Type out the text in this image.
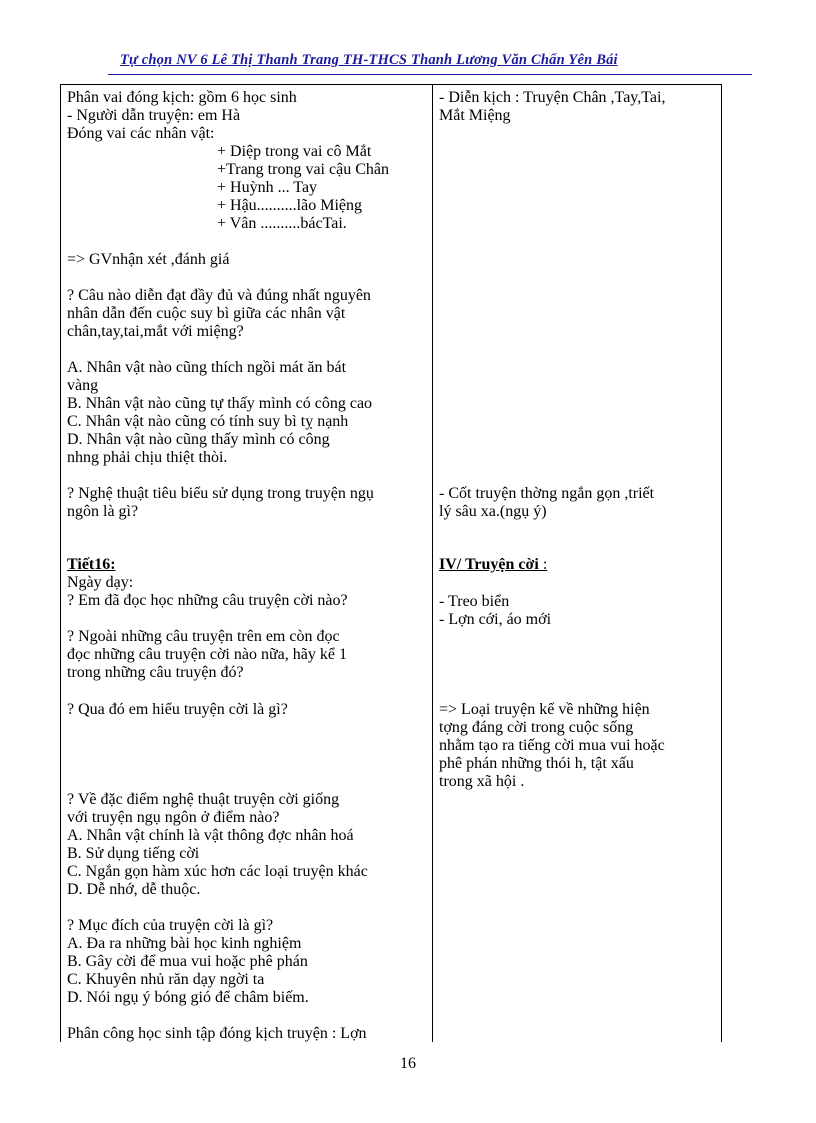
Tự chọn NV 6 Lê Thị Thanh Trang TH-THCS Thanh Lương Văn Chấn Yên Bái
Phân vai đóng kịch: gồm 6 học sinh
- Người dẫn truyện: em Hà
Đóng vai các nhân vật:
+ Diệp trong vai cô Mắt
+Trang trong vai cậu Chân
+ Huỳnh ... Tay
+ Hậu..........lão Miệng
+ Vân ..........bácTai.
=> GVnhận xét ,đánh giá
? Câu nào diễn đạt đầy đủ và đúng nhất nguyên
nhân dẫn đến cuộc suy bì giữa các nhân vật
chân,tay,tai,mắt với miệng?
A. Nhân vật nào cũng thích ngồi mát ăn bát
vàng
B. Nhân vật nào cũng tự thấy mình có công cao
C. Nhân vật nào cũng có tính suy bì tỵ nạnh
D. Nhân vật nào cũng thấy mình có công
nhng phải chịu thiệt thòi.
? Nghệ thuật tiêu biểu sử dụng trong truyện ngụ
ngôn là gì?
Tiết16:
Ngày dạy:
? Em đã đọc học những câu truyện cời nào?
? Ngoài những câu truyện trên em còn đọc
đọc những câu truyện cời nào nữa, hãy kể 1
trong những câu truyện đó?
? Qua đó em hiểu truyện cời là gì?
? Về đặc điểm nghệ thuật truyện cời giống
với truyện ngụ ngôn ở điểm nào?
A. Nhân vật chính là vật thông đợc nhân hoá
B. Sử dụng tiếng cời
C. Ngắn gọn hàm xúc hơn các loại truyện khác
D. Dễ nhớ, dễ thuộc.
? Mục đích của truyện cời là gì?
A. Đa ra những bài học kinh nghiệm
B. Gây cời để mua vui hoặc phê phán
C. Khuyên nhủ răn dạy ngời ta
D. Nói ngụ ý bóng gió để châm biếm.
Phân công học sinh tập đóng kịch truyện : Lợn
- Diễn kịch : Truyện Chân ,Tay,Tai,
Mắt Miệng
- Cốt truyện thờng ngắn gọn ,triết
lý sâu xa.(ngụ ý)
IV/ Truyện cời :
- Treo biển
- Lợn cới, áo mới
=> Loại truyện kể về những hiện
tợng đáng cời trong cuộc sống
nhằm tạo ra tiếng cời mua vui hoặc
phê phán những thói h, tật xấu
trong xã hội .
16
